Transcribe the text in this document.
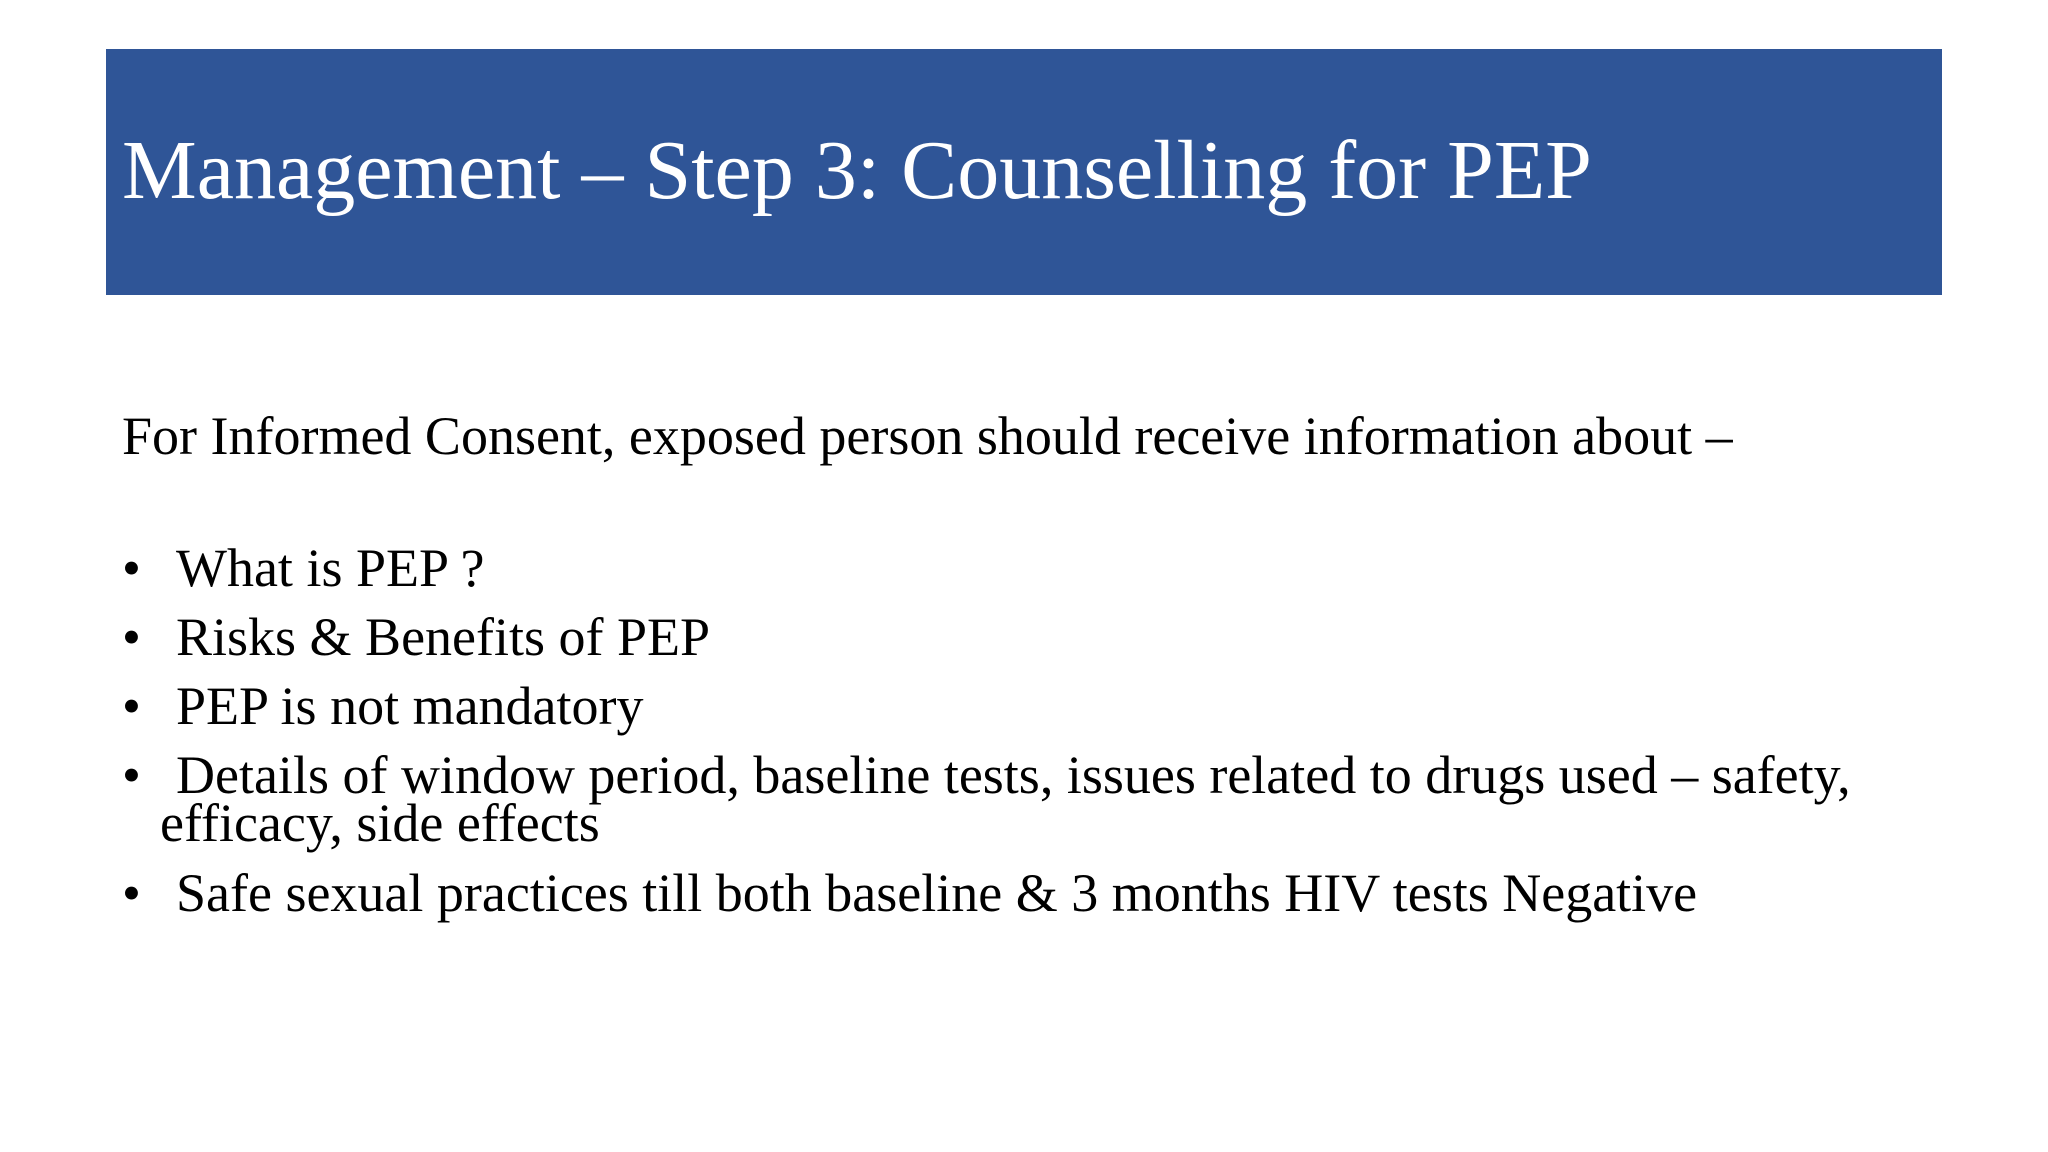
Management – Step 3: Counselling for PEP
For Informed Consent, exposed person should receive information about –
• What is PEP ?
• Risks & Benefits of PEP
• PEP is not mandatory
• Details of window period, baseline tests, issues related to drugs used – safety,
efficacy, side effects
• Safe sexual practices till both baseline & 3 months HIV tests Negative
